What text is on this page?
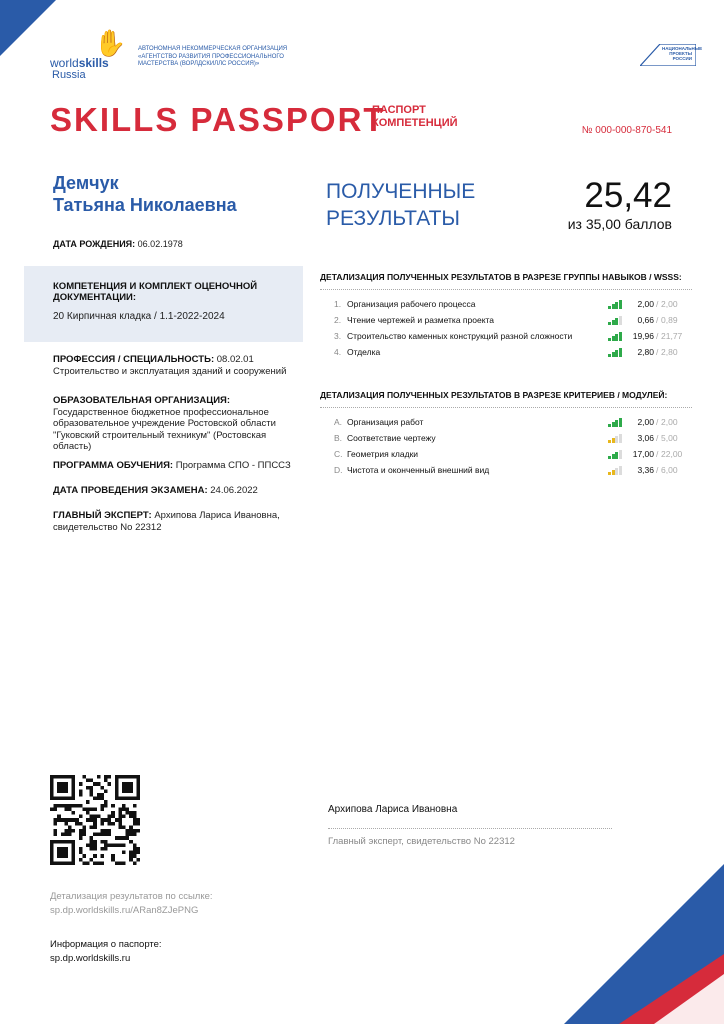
✋
worldskills
Russia
АВТОНОМНАЯ НЕКОММЕРЧЕСКАЯ ОРГАНИЗАЦИЯ «АГЕНТСТВО РАЗВИТИЯ ПРОФЕССИОНАЛЬНОГО МАСТЕРСТВА (ВОРЛДСКИЛЛС РОССИЯ)»
НАЦИОНАЛЬНЫЕ ПРОЕКТЫ РОССИИ
SKILLS PASSPORT
ПАСПОРТ КОМПЕТЕНЦИЙ
№ 000-000-870-541
Демчук
Татьяна Николаевна
ДАТА РОЖДЕНИЯ: 06.02.1978
КОМПЕТЕНЦИЯ И КОМПЛЕКТ ОЦЕНОЧНОЙ ДОКУМЕНТАЦИИ:
20 Кирпичная кладка / 1.1-2022-2024
ПРОФЕССИЯ / СПЕЦИАЛЬНОСТЬ: 08.02.01 Строительство и эксплуатация зданий и сооружений
ОБРАЗОВАТЕЛЬНАЯ ОРГАНИЗАЦИЯ: Государственное бюджетное профессиональное образовательное учреждение Ростовской области "Гуковский строительный техникум" (Ростовская область)
ПРОГРАММА ОБУЧЕНИЯ: Программа СПО - ППССЗ
ДАТА ПРОВЕДЕНИЯ ЭКЗАМЕНА: 24.06.2022
ГЛАВНЫЙ ЭКСПЕРТ: Архипова Лариса Ивановна, свидетельство No 22312
ПОЛУЧЕННЫЕ РЕЗУЛЬТАТЫ
25,42
из 35,00 баллов
ДЕТАЛИЗАЦИЯ ПОЛУЧЕННЫХ РЕЗУЛЬТАТОВ В РАЗРЕЗЕ ГРУППЫ НАВЫКОВ / WSSS:
1. Организация рабочего процесса	2,00 / 2,00
2. Чтение чертежей и разметка проекта	0,66 / 0,89
3. Строительство каменных конструкций разной сложности	19,96 / 21,77
4. Отделка	2,80 / 2,80
ДЕТАЛИЗАЦИЯ ПОЛУЧЕННЫХ РЕЗУЛЬТАТОВ В РАЗРЕЗЕ КРИТЕРИЕВ / МОДУЛЕЙ:
A. Организация работ	2,00 / 2,00
B. Соответствие чертежу	3,06 / 5,00
C. Геометрия кладки	17,00 / 22,00
D. Чистота и оконченный внешний вид	3,36 / 6,00
Архипова Лариса Ивановна
Главный эксперт, свидетельство No 22312
Детализация результатов по ссылке:
sp.dp.worldskills.ru/ARan8ZJePNG
Информация о паспорте:
sp.dp.worldskills.ru
